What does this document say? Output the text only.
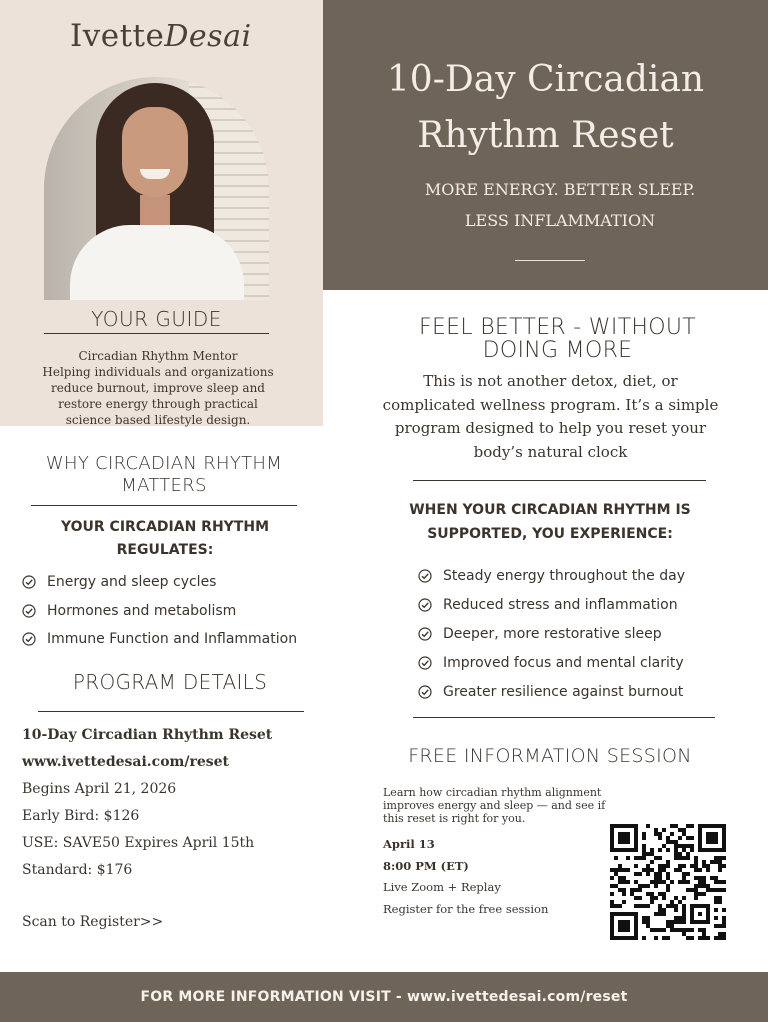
IvetteDesai
YOUR GUIDE
Circadian Rhythm Mentor
Helping individuals and organizations
reduce burnout, improve sleep and
restore energy through practical
science based lifestyle design.
10-Day Circadian
Rhythm Reset
MORE ENERGY. BETTER SLEEP.
LESS INFLAMMATION
FEEL BETTER - WITHOUT
DOING MORE
This is not another detox, diet, or
complicated wellness program. It’s a simple
program designed to help you reset your
body’s natural clock
WHEN YOUR CIRCADIAN RHYTHM IS
SUPPORTED, YOU EXPERIENCE:
Steady energy throughout the day
Reduced stress and inflammation
Deeper, more restorative sleep
Improved focus and mental clarity
Greater resilience against burnout
WHY CIRCADIAN RHYTHM
MATTERS
YOUR CIRCADIAN RHYTHM
REGULATES:
Energy and sleep cycles
Hormones and metabolism
Immune Function and Inflammation
PROGRAM DETAILS
10-Day Circadian Rhythm Reset
www.ivettedesai.com/reset
Begins April 21, 2026
Early Bird: $126
USE: SAVE50 Expires April 15th
Standard: $176
Scan to Register>>
FREE INFORMATION SESSION
Learn how circadian rhythm alignment
improves energy and sleep — and see if
this reset is right for you.
April 13
8:00 PM (ET)
Live Zoom + Replay
Register for the free session
FOR MORE INFORMATION VISIT - www.ivettedesai.com/reset
